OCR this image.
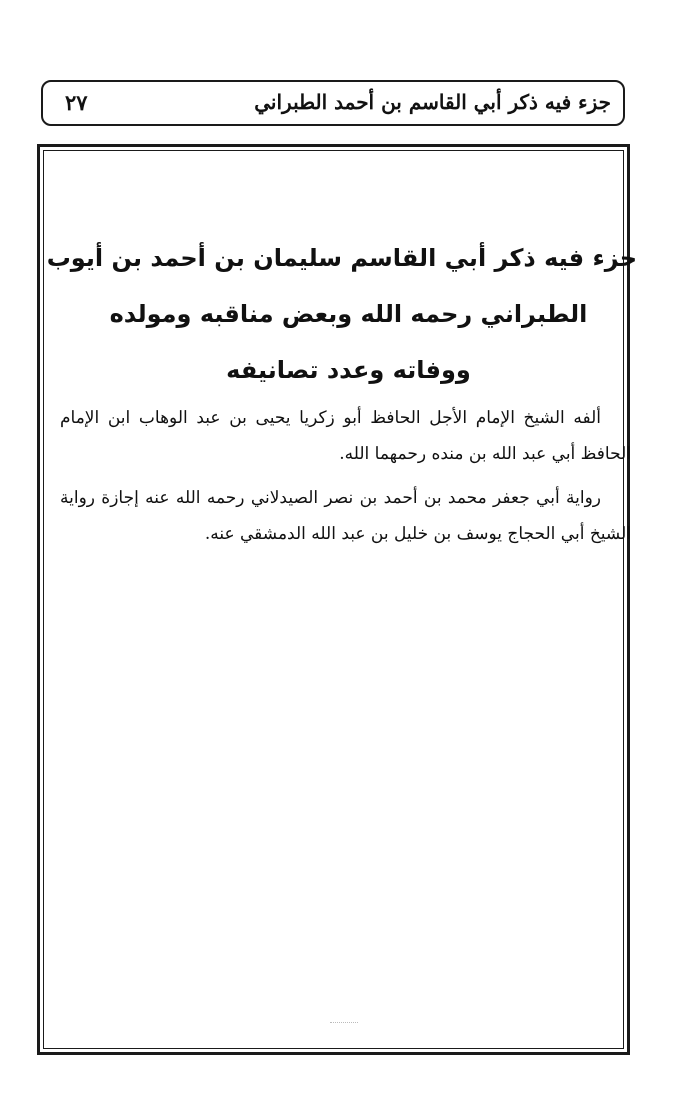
جزء فيه ذكر أبي القاسم بن أحمد الطبراني
٢٧
جزء فيه ذكر أبي القاسم سليمان بن أحمد بن أيوب
الطبراني رحمه الله وبعض مناقبه ومولده
ووفاته وعدد تصانيفه

ألفه الشيخ الإمام الأجل الحافظ أبو زكريا يحيى بن عبد الوهاب ابن الإمام الحافظ أبي عبد الله بن منده رحمهما الله.

رواية أبي جعفر محمد بن أحمد بن نصر الصيدلاني رحمه الله عنه إجازة رواية الشيخ أبي الحجاج يوسف بن خليل بن عبد الله الدمشقي عنه.
